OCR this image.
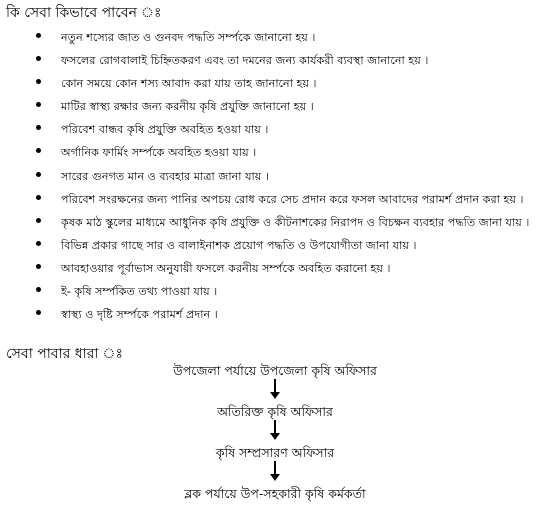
কি সেবা কিভাবে পাবেন ঃ
নতুন শস্যের জাত ও গুনবদ পদ্ধতি সর্ম্পকে জানানো হয় ।
ফসলের রোগবালাই চিহ্নিতকরণ এবং তা দমনের জন্য কার্যকরী ব্যবস্থা জানানো হয় ।
কোন সময়ে কোন শস্য আবাদ করা যায় তাহ জানানো হয় ।
মাটির স্বাস্থ্য রক্ষার জন্য করনীয় কৃষি প্রযুক্তি জানানো হয় ।
পরিবেশ বান্ধব কৃষি প্রযুক্তি অবহিত হওয়া যায় ।
অর্গানিক ফার্মিং সর্ম্পকে অবহিত হওয়া যায় ।
সারের গুনগত মান ও ব্যবহার মাত্রা জানা যায় ।
পরিবেশ সংরক্ষনের জন্য পানির অপচয় রোধ করে সেচ প্রদান করে ফসল আবাদের পরামর্শ প্রদান করা হয় ।
কৃষক মাঠ স্কুলের মাধ্যমে আধুনিক কৃষি প্রযুক্তি ও কীটনাশকের নিরাপদ ও বিচক্ষন ব্যবহার পদ্ধতি জানা যায় ।
বিভিন্ন প্রকার গাছে সার ও বালাইনাশক প্রয়োগ পদ্ধতি ও উপযোগীতা জানা যায় ।
আবহাওয়ার পূর্বাভাস অনুযায়ী ফসলে করনীয় সর্ম্পকে অবহিত করানো হয় ।
ই- কৃষি সর্ম্পকিত তথ্য পাওয়া যায় ।
স্বাস্থ্য ও দৃষ্টি সর্ম্পকে পরামর্শ প্রদান ।
সেবা পাবার ধারা ঃ
উপজেলা পর্যায়ে উপজেলা কৃষি অফিসার
অতিরিক্ত কৃষি অফিসার
কৃষি সম্প্রসারণ অফিসার
ব্লক পর্যায়ে উপ-সহকারী কৃষি কর্মকর্তা
